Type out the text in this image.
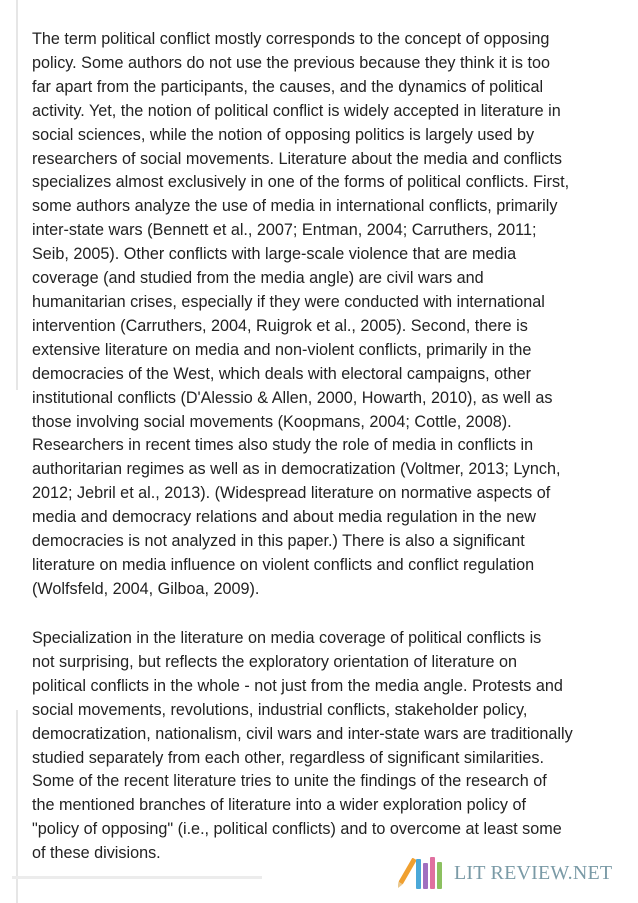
The term political conflict mostly corresponds to the concept of opposing
policy. Some authors do not use the previous because they think it is too
far apart from the participants, the causes, and the dynamics of political
activity. Yet, the notion of political conflict is widely accepted in literature in
social sciences, while the notion of opposing politics is largely used by
researchers of social movements. Literature about the media and conflicts
specializes almost exclusively in one of the forms of political conflicts. First,
some authors analyze the use of media in international conflicts, primarily
inter-state wars (Bennett et al., 2007; Entman, 2004; Carruthers, 2011;
Seib, 2005). Other conflicts with large-scale violence that are media
coverage (and studied from the media angle) are civil wars and
humanitarian crises, especially if they were conducted with international
intervention (Carruthers, 2004, Ruigrok et al., 2005). Second, there is
extensive literature on media and non-violent conflicts, primarily in the
democracies of the West, which deals with electoral campaigns, other
institutional conflicts (D'Alessio & Allen, 2000, Howarth, 2010), as well as
those involving social movements (Koopmans, 2004; Cottle, 2008).
Researchers in recent times also study the role of media in conflicts in
authoritarian regimes as well as in democratization (Voltmer, 2013; Lynch,
2012; Jebril et al., 2013). (Widespread literature on normative aspects of
media and democracy relations and about media regulation in the new
democracies is not analyzed in this paper.) There is also a significant
literature on media influence on violent conflicts and conflict regulation
(Wolfsfeld, 2004, Gilboa, 2009).
Specialization in the literature on media coverage of political conflicts is
not surprising, but reflects the exploratory orientation of literature on
political conflicts in the whole - not just from the media angle. Protests and
social movements, revolutions, industrial conflicts, stakeholder policy,
democratization, nationalism, civil wars and inter-state wars are traditionally
studied separately from each other, regardless of significant similarities.
Some of the recent literature tries to unite the findings of the research of
the mentioned branches of literature into a wider exploration policy of
"policy of opposing" (i.e., political conflicts) and to overcome at least some
of these divisions.
LIT REVIEW.NET
